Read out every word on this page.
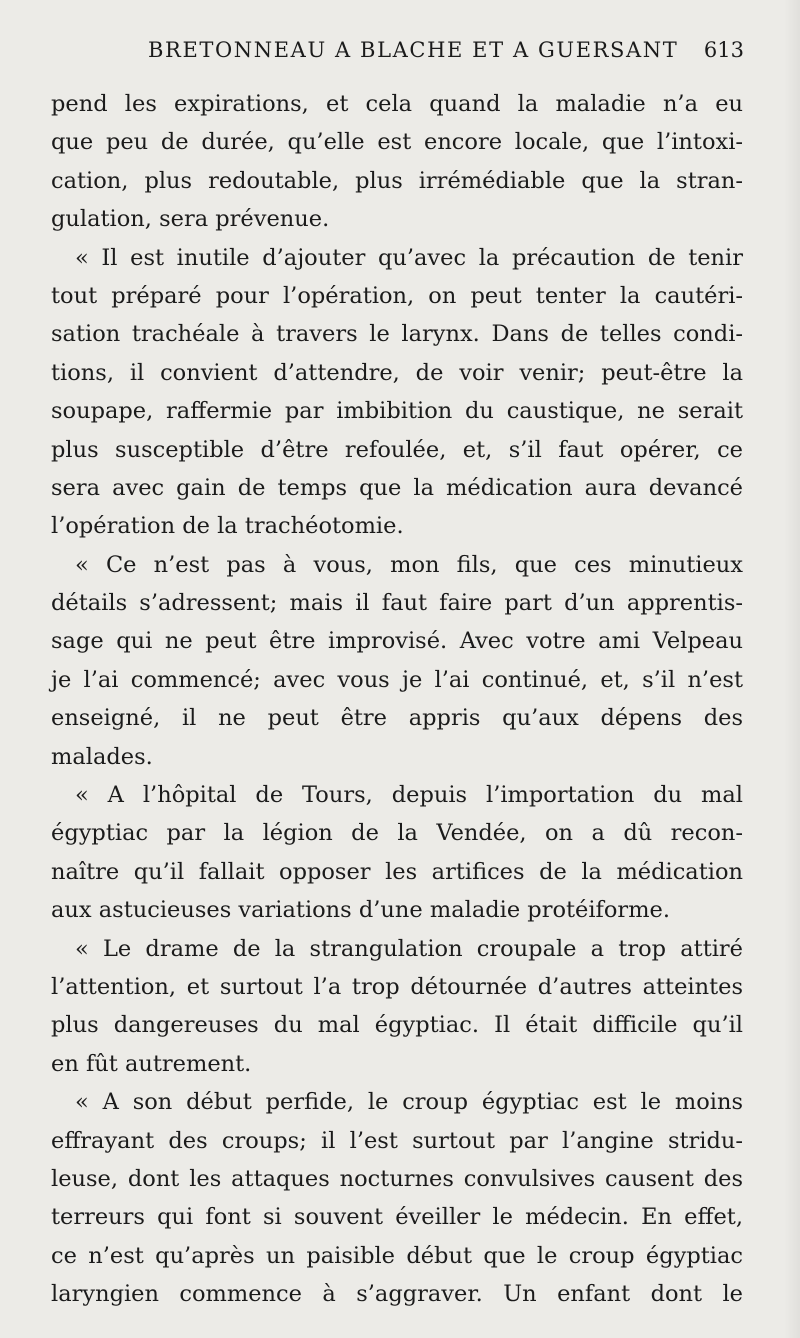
BRETONNEAU A BLACHE ET A GUERSANT 613
pend les expirations, et cela quand la maladie n’a eu
que peu de durée, qu’elle est encore locale, que l’intoxi-
cation, plus redoutable, plus irrémédiable que la stran-
gulation, sera prévenue.
« Il est inutile d’ajouter qu’avec la précaution de tenir
tout préparé pour l’opération, on peut tenter la cautéri-
sation trachéale à travers le larynx. Dans de telles condi-
tions, il convient d’attendre, de voir venir; peut-être la
soupape, raffermie par imbibition du caustique, ne serait
plus susceptible d’être refoulée, et, s’il faut opérer, ce
sera avec gain de temps que la médication aura devancé
l’opération de la trachéotomie.
« Ce n’est pas à vous, mon fils, que ces minutieux
détails s’adressent; mais il faut faire part d’un apprentis-
sage qui ne peut être improvisé. Avec votre ami Velpeau
je l’ai commencé; avec vous je l’ai continué, et, s’il n’est
enseigné, il ne peut être appris qu’aux dépens des
malades.
« A l’hôpital de Tours, depuis l’importation du mal
égyptiac par la légion de la Vendée, on a dû recon-
naître qu’il fallait opposer les artifices de la médication
aux astucieuses variations d’une maladie protéiforme.
« Le drame de la strangulation croupale a trop attiré
l’attention, et surtout l’a trop détournée d’autres atteintes
plus dangereuses du mal égyptiac. Il était difficile qu’il
en fût autrement.
« A son début perfide, le croup égyptiac est le moins
effrayant des croups; il l’est surtout par l’angine stridu-
leuse, dont les attaques nocturnes convulsives causent des
terreurs qui font si souvent éveiller le médecin. En effet,
ce n’est qu’après un paisible début que le croup égyptiac
laryngien commence à s’aggraver. Un enfant dont le
